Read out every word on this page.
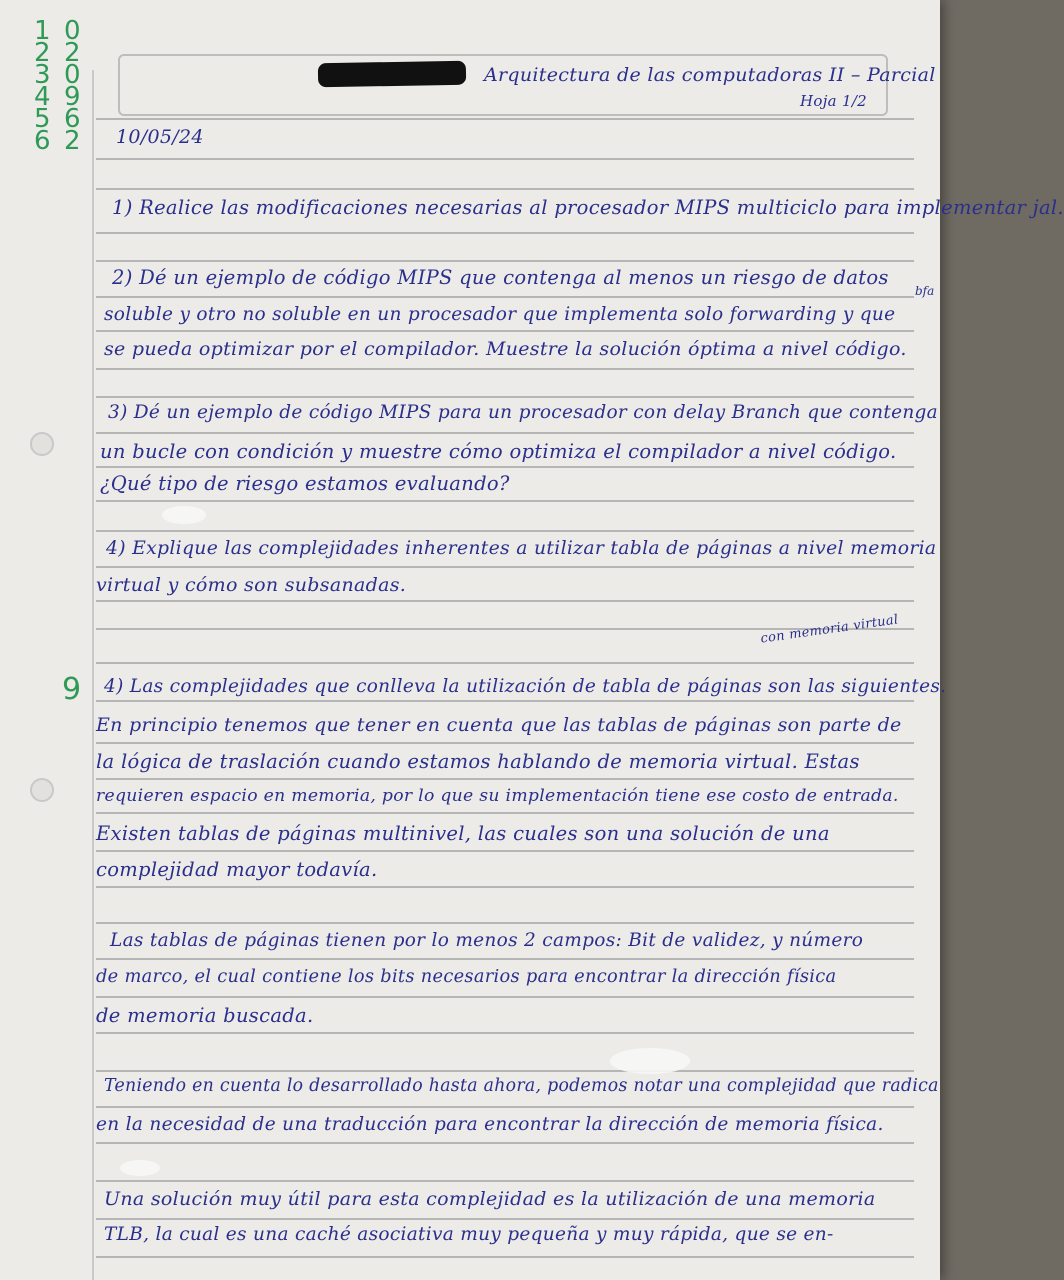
1 0
2 2
3 0
4 9
5 6
6 2
Arquitectura de las computadoras II – Parcial
Hoja 1/2
10/05/24
1) Realice las modificaciones necesarias al procesador MIPS multiciclo para implementar jal.
2) Dé un ejemplo de código MIPS que contenga al menos un riesgo de datos
soluble y otro no soluble en un procesador que implementa solo forwarding y que
se pueda optimizar por el compilador. Muestre la solución óptima a nivel código.
3) Dé un ejemplo de código MIPS para un procesador con delay Branch que contenga
un bucle con condición y muestre cómo optimiza el compilador a nivel código.
¿Qué tipo de riesgo estamos evaluando?
4) Explique las complejidades inherentes a utilizar tabla de páginas a nivel memoria
virtual y cómo son subsanadas.
con memoria virtual
bfa
9 4) Las complejidades que conlleva la utilización de tabla de páginas son las siguientes.
En principio tenemos que tener en cuenta que las tablas de páginas son parte de
la lógica de traslación cuando estamos hablando de memoria virtual. Estas
requieren espacio en memoria, por lo que su implementación tiene ese costo de entrada.
Existen tablas de páginas multinivel, las cuales son una solución de una
complejidad mayor todavía.
Las tablas de páginas tienen por lo menos 2 campos: Bit de validez, y número
de marco, el cual contiene los bits necesarios para encontrar la dirección física
de memoria buscada.
Teniendo en cuenta lo desarrollado hasta ahora, podemos notar una complejidad que radica
en la necesidad de una traducción para encontrar la dirección de memoria física.
Una solución muy útil para esta complejidad es la utilización de una memoria
TLB, la cual es una caché asociativa muy pequeña y muy rápida, que se en-
